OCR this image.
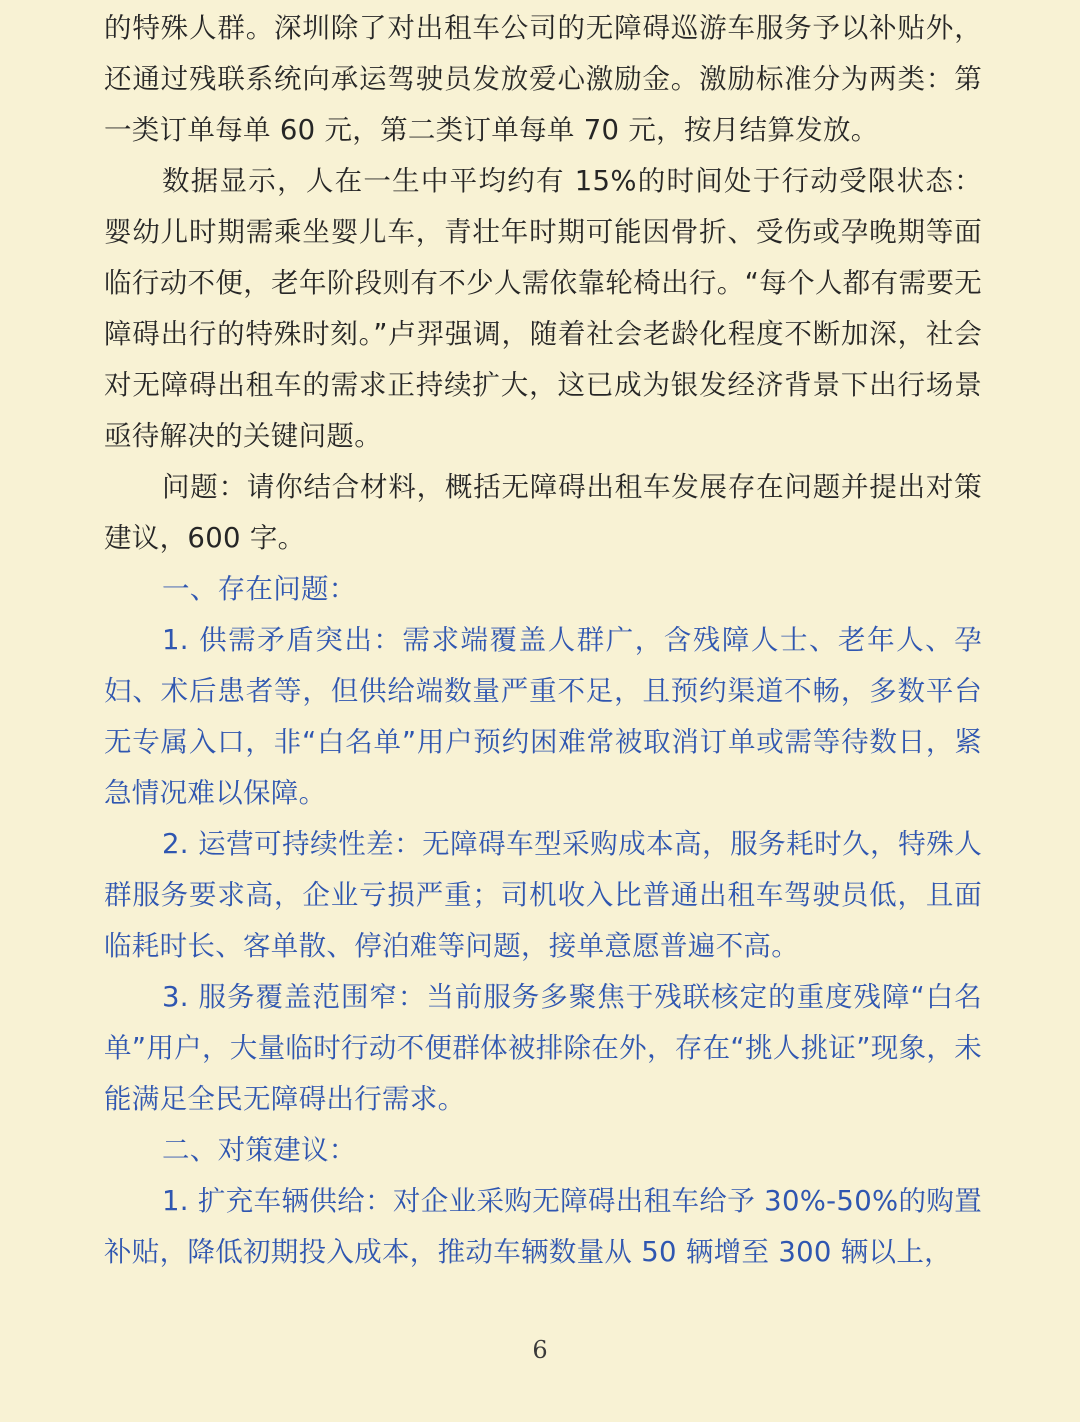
的特殊人群。深圳除了对出租车公司的无障碍巡游车服务予以补贴外，还通过残联系统向承运驾驶员发放爱心激励金。激励标准分为两类：第一类订单每单 60 元，第二类订单每单 70 元，按月结算发放。

数据显示，人在一生中平均约有 15%的时间处于行动受限状态：婴幼儿时期需乘坐婴儿车，青壮年时期可能因骨折、受伤或孕晚期等面临行动不便，老年阶段则有不少人需依靠轮椅出行。“每个人都有需要无障碍出行的特殊时刻。”卢羿强调，随着社会老龄化程度不断加深，社会对无障碍出租车的需求正持续扩大，这已成为银发经济背景下出行场景亟待解决的关键问题。

问题：请你结合材料，概括无障碍出租车发展存在问题并提出对策建议，600 字。

一、存在问题：

1. 供需矛盾突出：需求端覆盖人群广，含残障人士、老年人、孕妇、术后患者等，但供给端数量严重不足，且预约渠道不畅，多数平台无专属入口，非“白名单”用户预约困难常被取消订单或需等待数日，紧急情况难以保障。

2. 运营可持续性差：无障碍车型采购成本高，服务耗时久，特殊人群服务要求高，企业亏损严重；司机收入比普通出租车驾驶员低，且面临耗时长、客单散、停泊难等问题，接单意愿普遍不高。

3. 服务覆盖范围窄：当前服务多聚焦于残联核定的重度残障“白名单”用户，大量临时行动不便群体被排除在外，存在“挑人挑证”现象，未能满足全民无障碍出行需求。

二、对策建议：

1. 扩充车辆供给：对企业采购无障碍出租车给予 30%-50%的购置补贴，降低初期投入成本，推动车辆数量从 50 辆增至 300 辆以上，

6
